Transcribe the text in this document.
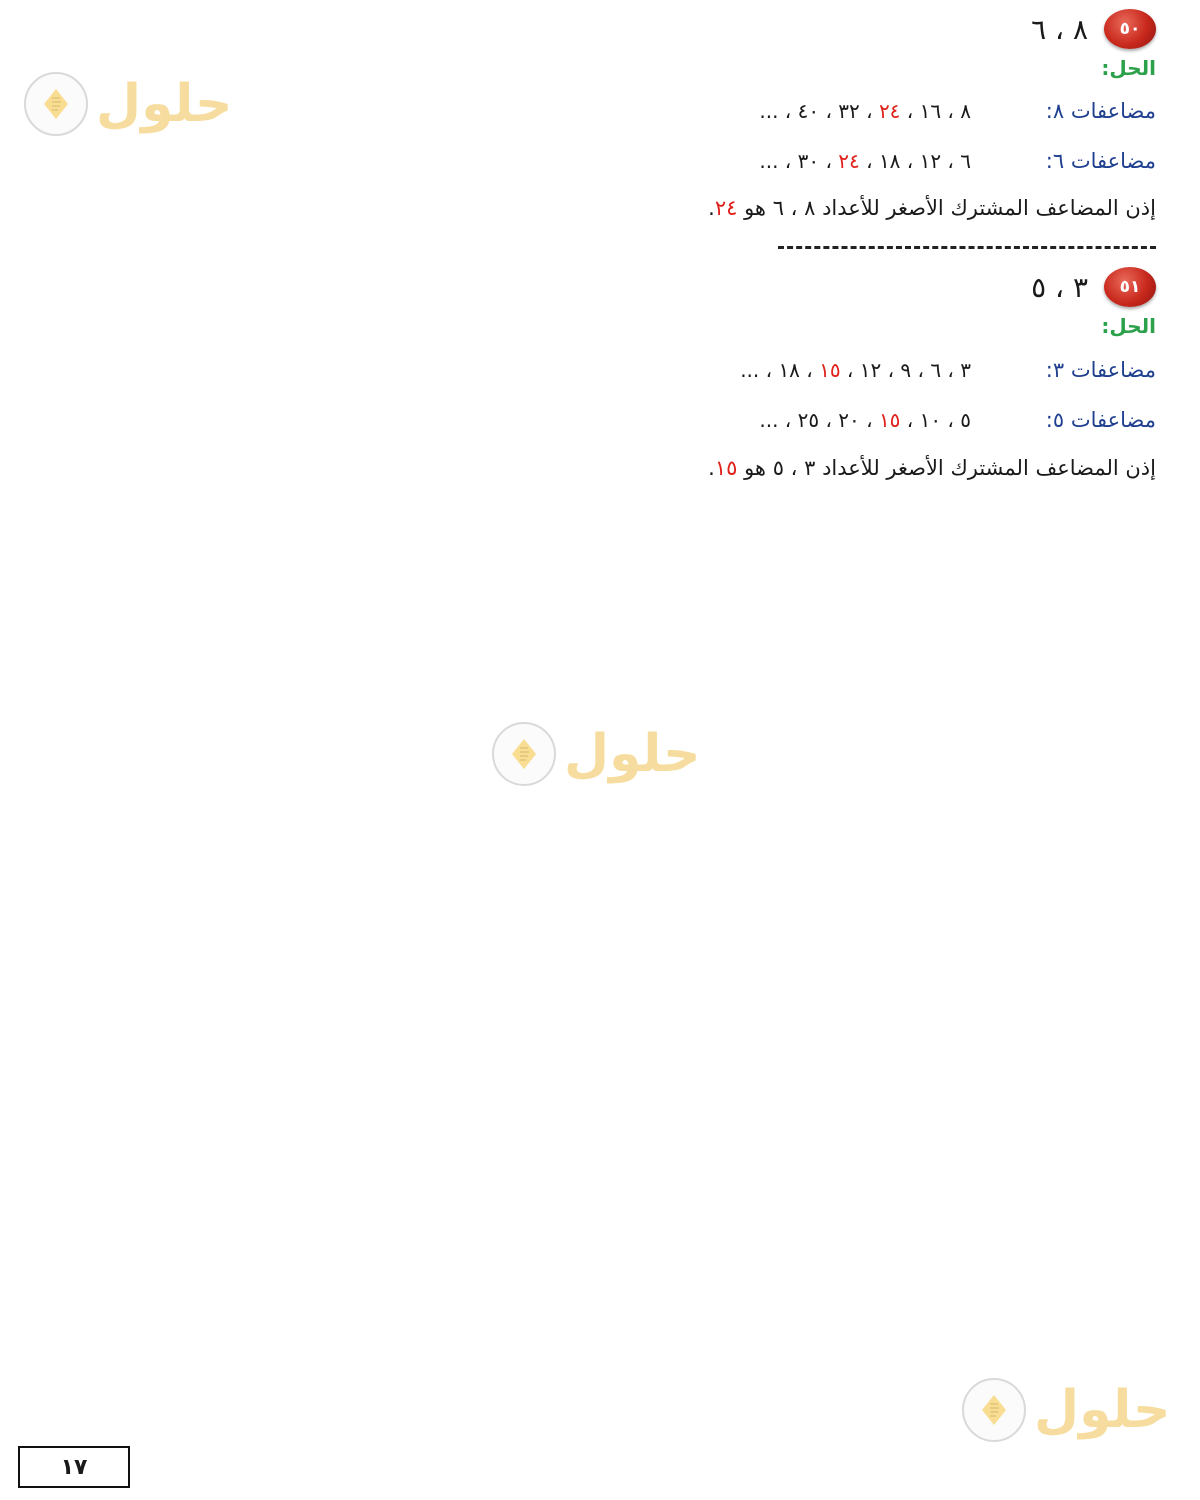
٥٠
٨ ، ٦
الحل:
مضاعفات ٨:
٨ ، ١٦ ، ٢٤ ، ٣٢ ، ٤٠ ، ...
مضاعفات ٦:
٦ ، ١٢ ، ١٨ ، ٢٤ ، ٣٠ ، ...
إذن المضاعف المشترك الأصغر للأعداد ٨ ، ٦ هو ٢٤.
٥١
٣ ، ٥
الحل:
مضاعفات ٣:
٣ ، ٦ ، ٩ ، ١٢ ، ١٥ ، ١٨ ، ...
مضاعفات ٥:
٥ ، ١٠ ، ١٥ ، ٢٠ ، ٢٥ ، ...
إذن المضاعف المشترك الأصغر للأعداد ٣ ، ٥ هو ١٥.
حلول
حلول
حلول
١٧
